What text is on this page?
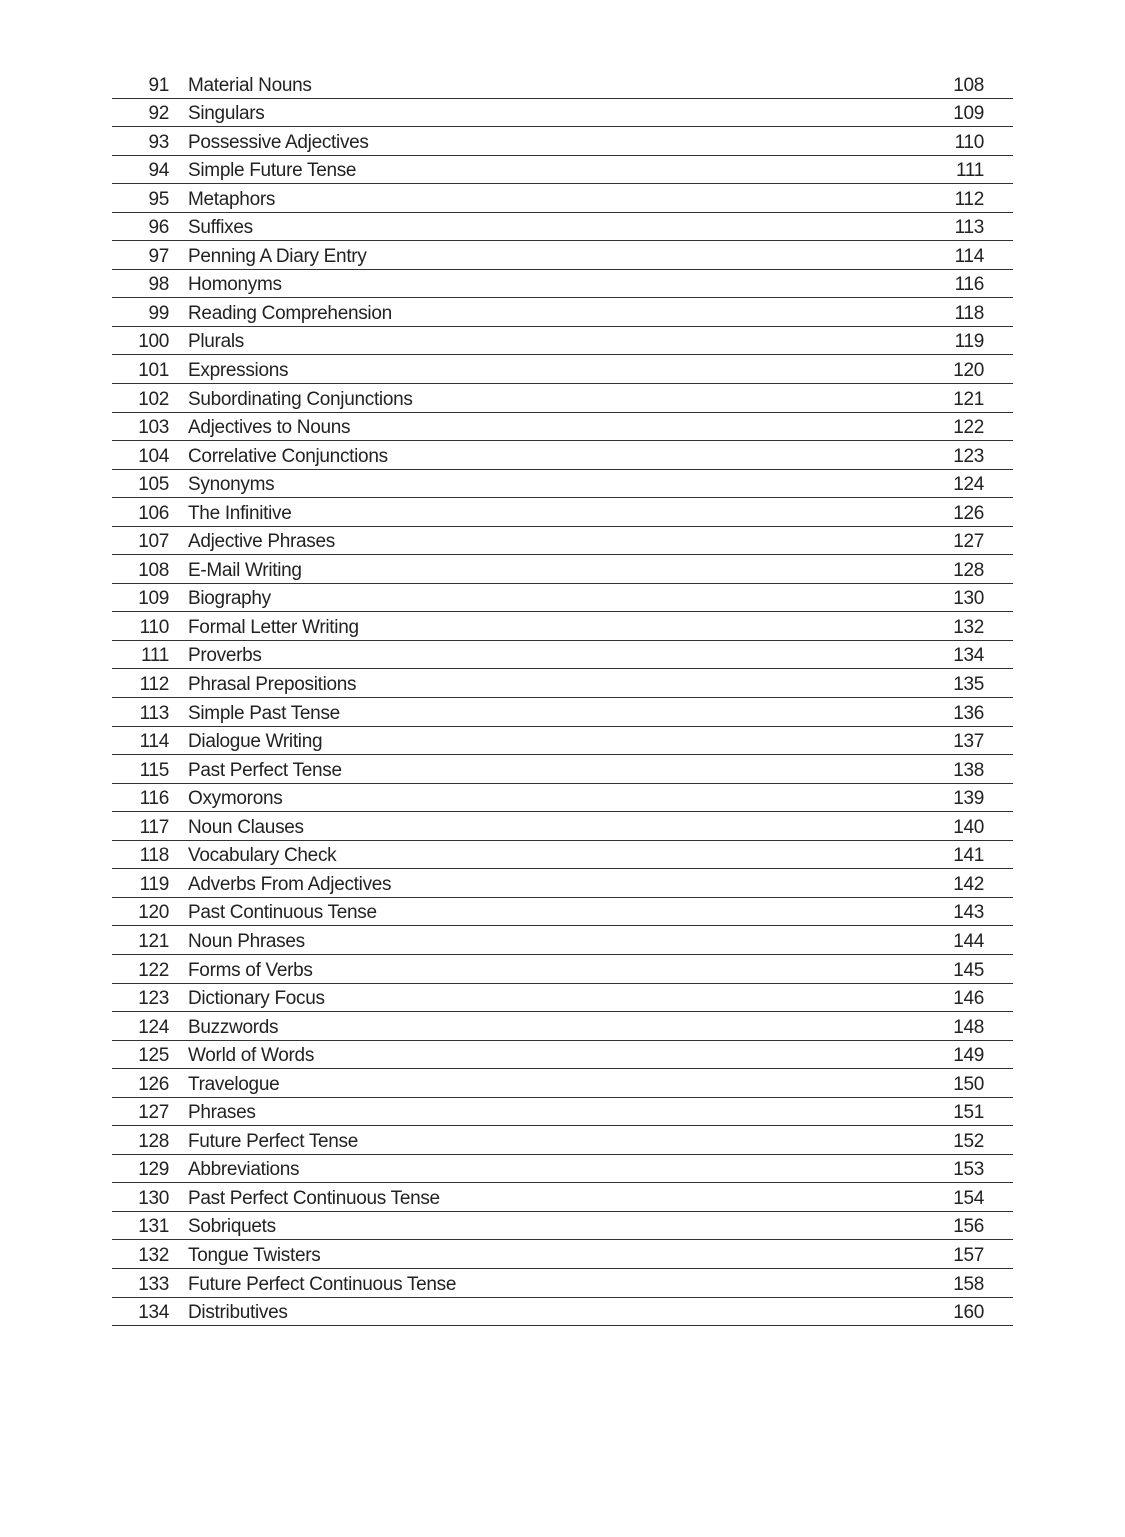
91 Material Nouns	108
92 Singulars	109
93 Possessive Adjectives	110
94 Simple Future Tense	111
95 Metaphors	112
96 Suffixes	113
97 Penning A Diary Entry	114
98 Homonyms	116
99 Reading Comprehension	118
100 Plurals	119
101 Expressions	120
102 Subordinating Conjunctions	121
103 Adjectives to Nouns	122
104 Correlative Conjunctions	123
105 Synonyms	124
106 The Infinitive	126
107 Adjective Phrases	127
108 E-Mail Writing	128
109 Biography	130
110 Formal Letter Writing	132
111 Proverbs	134
112 Phrasal Prepositions	135
113 Simple Past Tense	136
114 Dialogue Writing	137
115 Past Perfect Tense	138
116 Oxymorons	139
117 Noun Clauses	140
118 Vocabulary Check	141
119 Adverbs From Adjectives	142
120 Past Continuous Tense	143
121 Noun Phrases	144
122 Forms of Verbs	145
123 Dictionary Focus	146
124 Buzzwords	148
125 World of Words	149
126 Travelogue	150
127 Phrases	151
128 Future Perfect Tense	152
129 Abbreviations	153
130 Past Perfect Continuous Tense	154
131 Sobriquets	156
132 Tongue Twisters	157
133 Future Perfect Continuous Tense	158
134 Distributives	160
